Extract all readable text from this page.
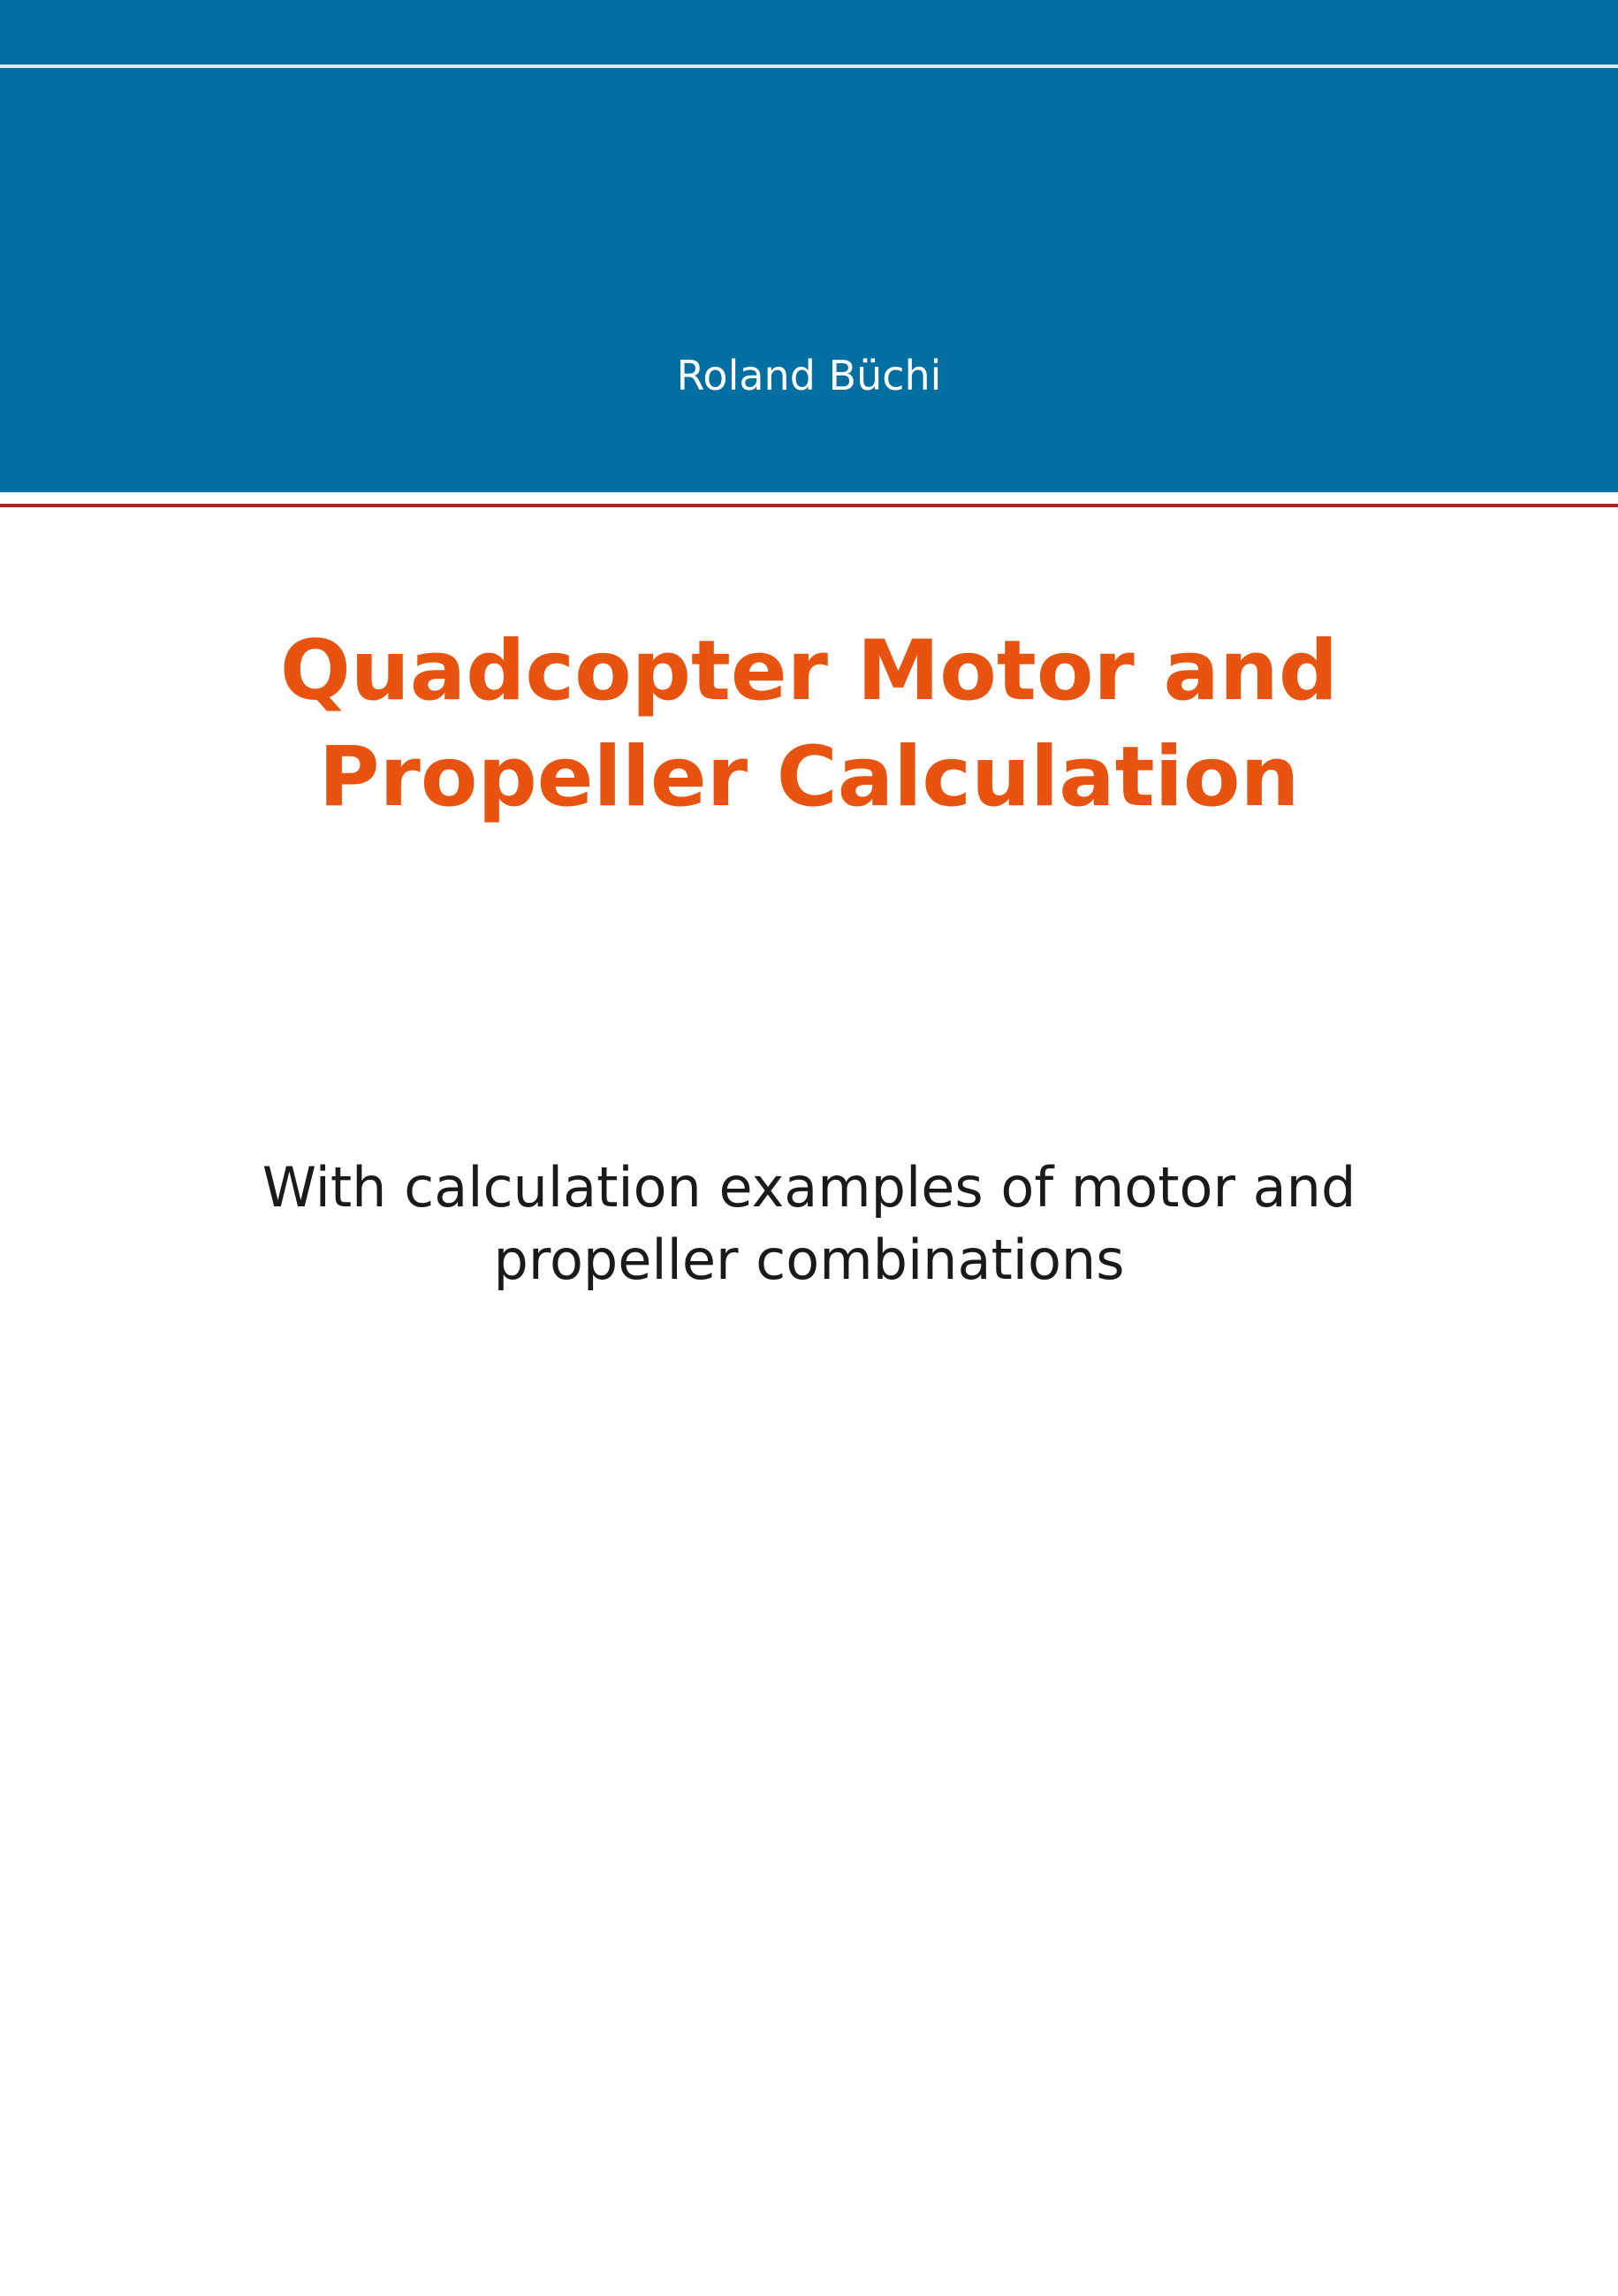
Roland Büchi
Quadcopter Motor and Propeller Calculation
With calculation examples of motor and propeller combinations
